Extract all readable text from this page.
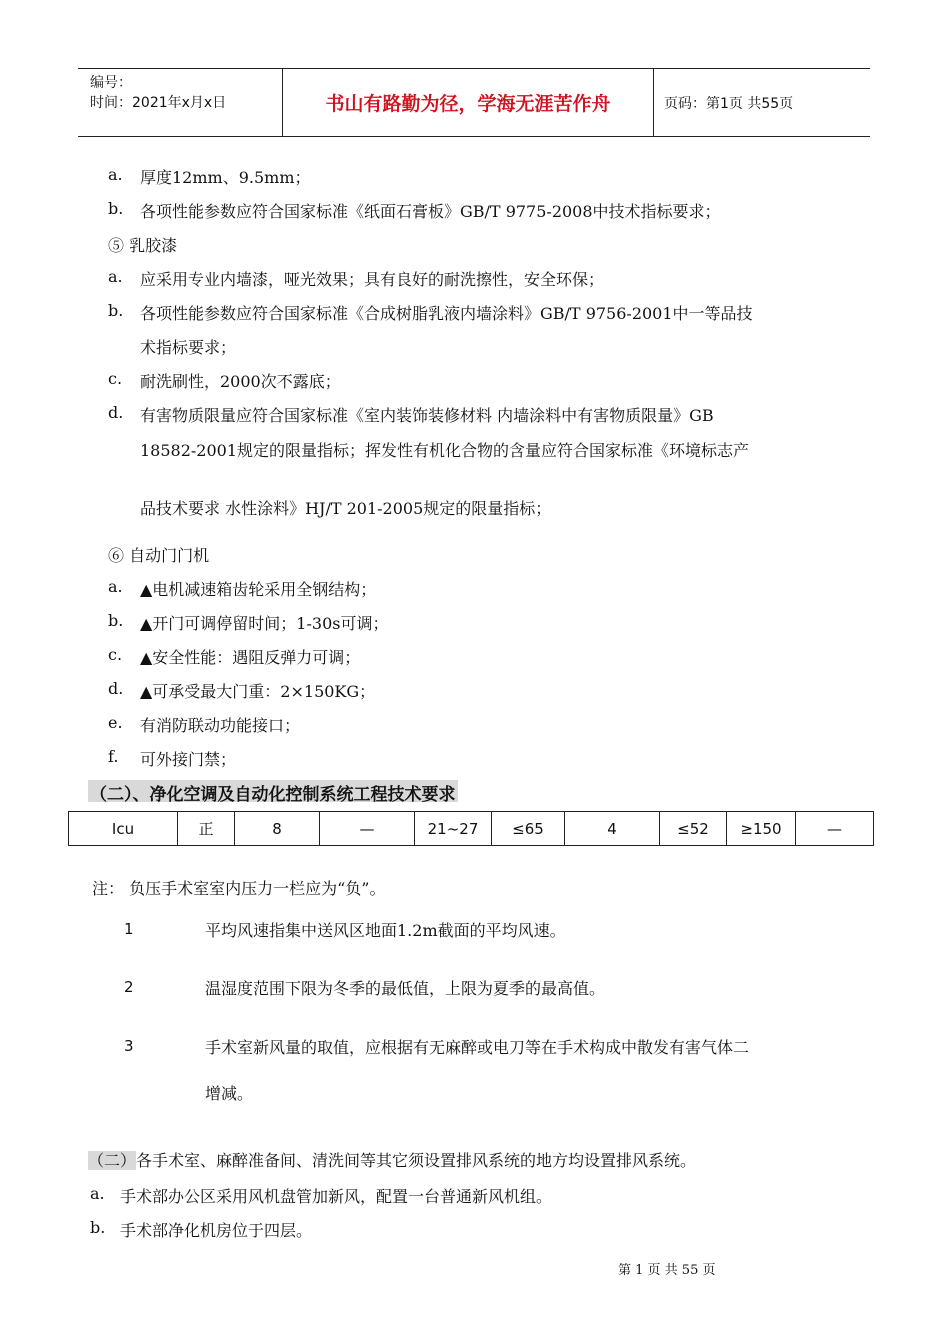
编号：
时间：2021年x月x日	书山有路勤为径，学海无涯苦作舟	页码：第1页 共55页
a. 厚度12mm、9.5mm；
b. 各项性能参数应符合国家标准《纸面石膏板》GB/T 9775-2008中技术指标要求；
⑤ 乳胶漆
a. 应采用专业内墙漆，哑光效果；具有良好的耐洗擦性，安全环保；
b. 各项性能参数应符合国家标准《合成树脂乳液内墙涂料》GB/T 9756-2001中一等品技
术指标要求；
c. 耐洗刷性，2000次不露底；
d. 有害物质限量应符合国家标准《室内装饰装修材料 内墙涂料中有害物质限量》GB
18582-2001规定的限量指标；挥发性有机化合物的含量应符合国家标准《环境标志产
品技术要求 水性涂料》HJ/T 201-2005规定的限量指标；
⑥ 自动门门机
a. ▲电机减速箱齿轮采用全钢结构；
b. ▲开门可调停留时间；1-30s可调；
c. ▲安全性能：遇阻反弹力可调；
d. ▲可承受最大门重：2×150KG；
e. 有消防联动功能接口；
f. 可外接门禁；
（二）、净化空调及自动化控制系统工程技术要求
Icu	正	8	—	21~27	≤65	4	≤52	≥150	—
注： 负压手术室室内压力一栏应为“负”。
1	平均风速指集中送风区地面1.2m截面的平均风速。
2	温湿度范围下限为冬季的最低值，上限为夏季的最高值。
3	手术室新风量的取值，应根据有无麻醉或电刀等在手术构成中散发有害气体二
增减。
（二）各手术室、麻醉准备间、清洗间等其它须设置排风系统的地方均设置排风系统。
a. 手术部办公区采用风机盘管加新风，配置一台普通新风机组。
b. 手术部净化机房位于四层。
第 1 页 共 55 页
